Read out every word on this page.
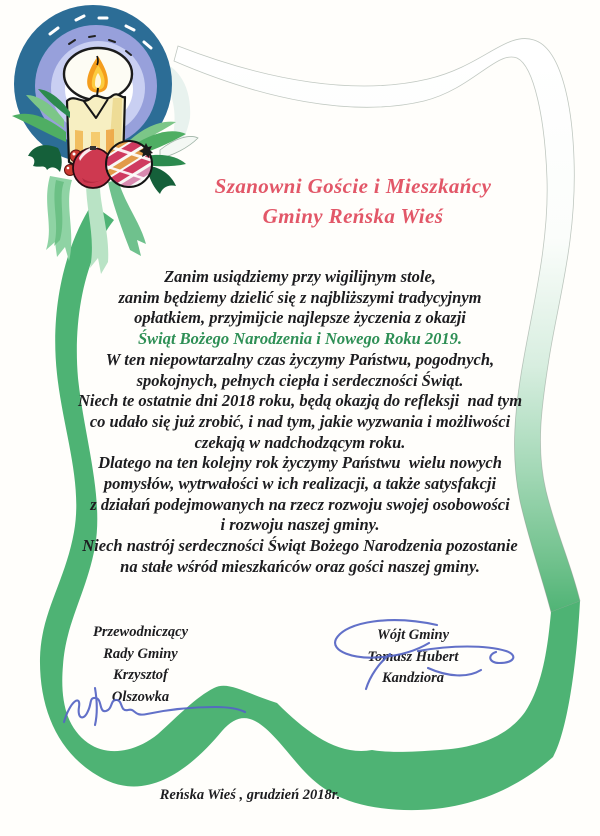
Szanowni Goście i Mieszkańcy
Gminy Reńska Wieś
Zanim usiądziemy przy wigilijnym stole,
zanim będziemy dzielić się z najbliższymi tradycyjnym
opłatkiem, przyjmijcie najlepsze życzenia z okazji
Świąt Bożego Narodzenia i Nowego Roku 2019.
W ten niepowtarzalny czas życzymy Państwu, pogodnych,
spokojnych, pełnych ciepła i serdeczności Świąt.
Niech te ostatnie dni 2018 roku, będą okazją do refleksji  nad tym
co udało się już zrobić, i nad tym, jakie wyzwania i możliwości
czekają w nadchodzącym roku.
Dlatego na ten kolejny rok życzymy Państwu  wielu nowych
pomysłów, wytrwałości w ich realizacji, a także satysfakcji
z działań podejmowanych na rzecz rozwoju swojej osobowości
i rozwoju naszej gminy.
Niech nastrój serdeczności Świąt Bożego Narodzenia pozostanie
na stałe wśród mieszkańców oraz gości naszej gminy.
Przewodniczący
Rady Gminy
Krzysztof
Olszowka
Wójt Gminy
Tomasz Hubert
Kandziora
Reńska Wieś , grudzień 2018r.
